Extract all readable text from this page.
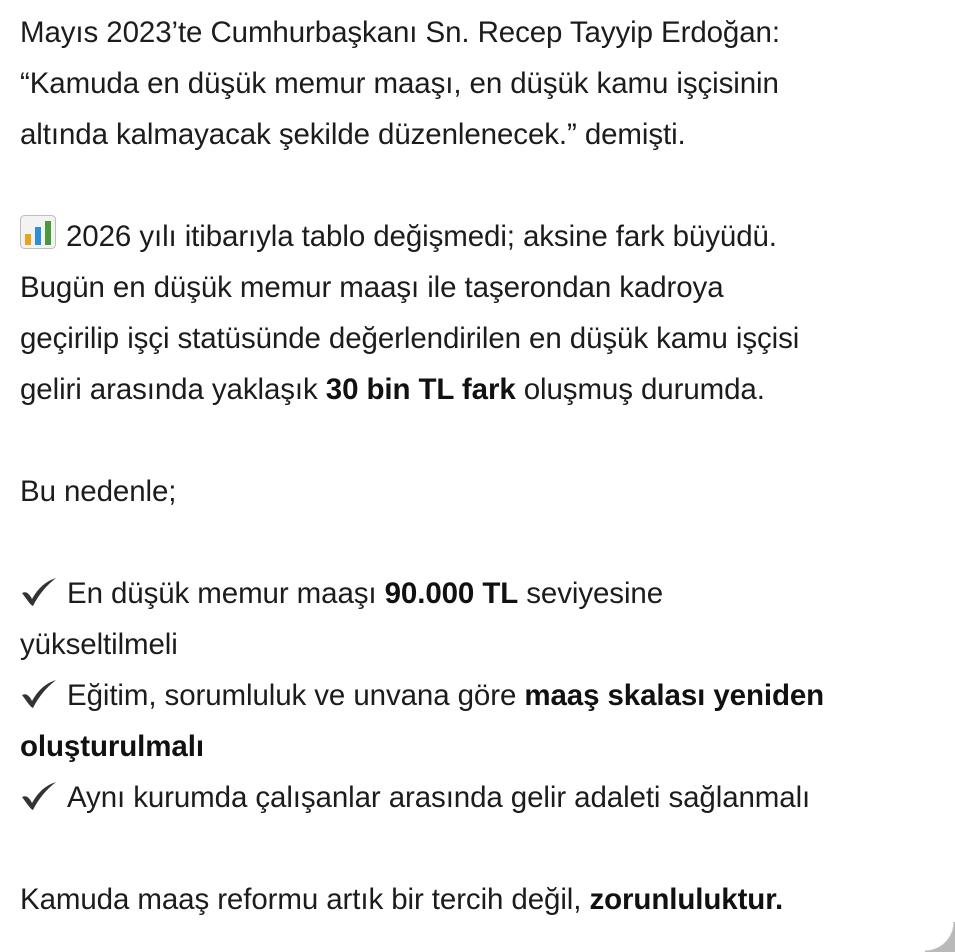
Mayıs 2023’te Cumhurbaşkanı Sn. Recep Tayyip Erdoğan:
“Kamuda en düşük memur maaşı, en düşük kamu işçisinin
altında kalmayacak şekilde düzenlenecek.” demişti.
2026 yılı itibarıyla tablo değişmedi; aksine fark büyüdü.
Bugün en düşük memur maaşı ile taşerondan kadroya
geçirilip işçi statüsünde değerlendirilen en düşük kamu işçisi
geliri arasında yaklaşık 30 bin TL fark oluşmuş durumda.
Bu nedenle;
En düşük memur maaşı 90.000 TL seviyesine
yükseltilmeli
Eğitim, sorumluluk ve unvana göre maaş skalası yeniden
oluşturulmalı
Aynı kurumda çalışanlar arasında gelir adaleti sağlanmalı
Kamuda maaş reformu artık bir tercih değil, zorunluluktur.
